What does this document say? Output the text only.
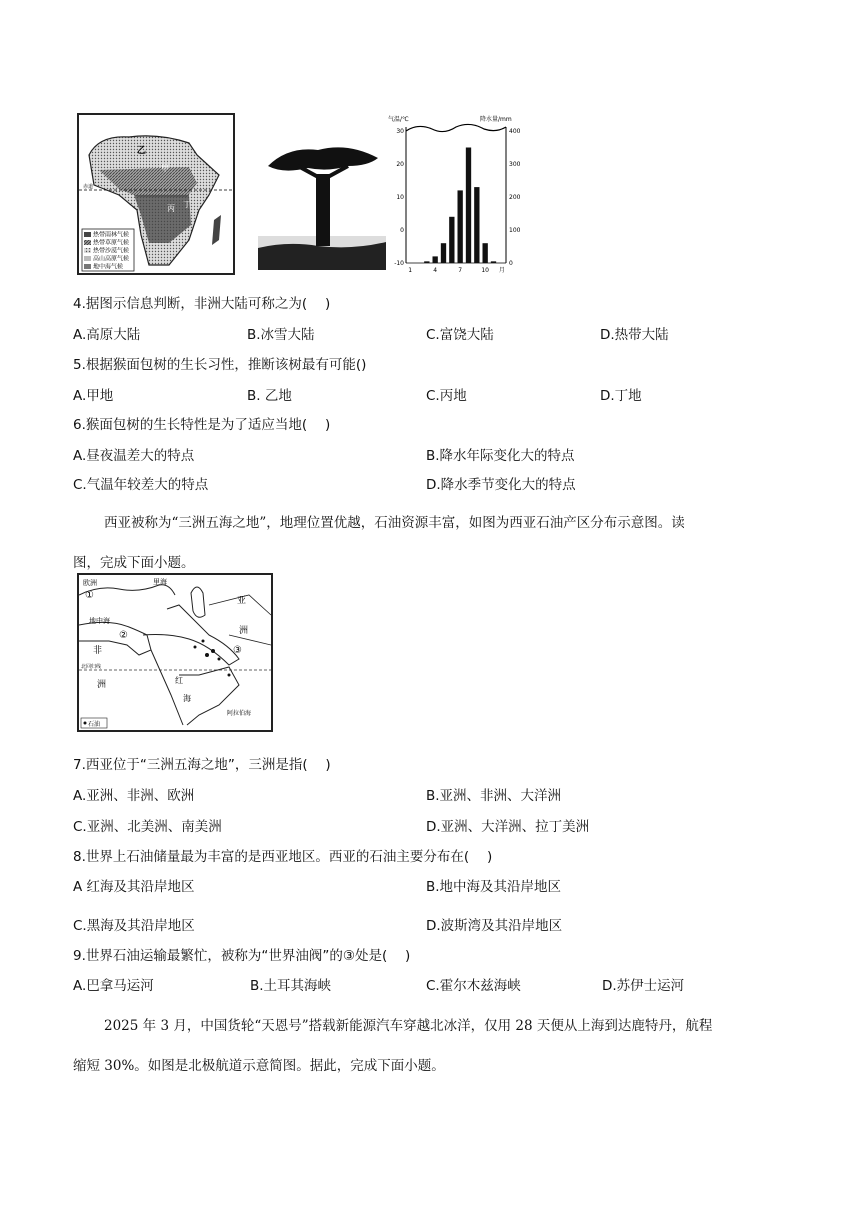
乙
甲
丙 丁
赤道
热带雨林气候
热带草原气候
热带沙漠气候
高山高原气候
地中海气候
气温/℃	降水量/mm
30
20
10
0
-10
400
300
200
100
0
1	4	7	10 月
4.据图示信息判断，非洲大陆可称之为(　 )
A.高原大陆	B.冰雪大陆	C.富饶大陆	D.热带大陆
5.根据猴面包树的生长习性，推断该树最有可能()
A.甲地	B. 乙地	C.丙地	D.丁地
6.猴面包树的生长特性是为了适应当地(　 )
A.昼夜温差大的特点	B.降水年际变化大的特点
C.气温年较差大的特点	D.降水季节变化大的特点
西亚被称为“三洲五海之地”，地理位置优越，石油资源丰富，如图为西亚石油产区分布示意图。读
图，完成下面小题。
欧洲	里海
亚
洲
地中海
非
洲	红
海
阿拉伯海
①
②
③
北回归线
石油
7.西亚位于“三洲五海之地”，三洲是指(　 )
A.亚洲、非洲、欧洲	B.亚洲、非洲、大洋洲
C.亚洲、北美洲、南美洲	D.亚洲、大洋洲、拉丁美洲
8.世界上石油储量最为丰富的是西亚地区。西亚的石油主要分布在(　 )
A 红海及其沿岸地区	B.地中海及其沿岸地区
C.黑海及其沿岸地区	D.波斯湾及其沿岸地区
9.世界石油运输最繁忙，被称为“世界油阀”的③处是(　 )
A.巴拿马运河	B.土耳其海峡	C.霍尔木兹海峡	D.苏伊士运河
2025 年 3 月，中国货轮“天恩号”搭载新能源汽车穿越北冰洋，仅用 28 天便从上海到达鹿特丹，航程
缩短 30%。如图是北极航道示意简图。据此，完成下面小题。
